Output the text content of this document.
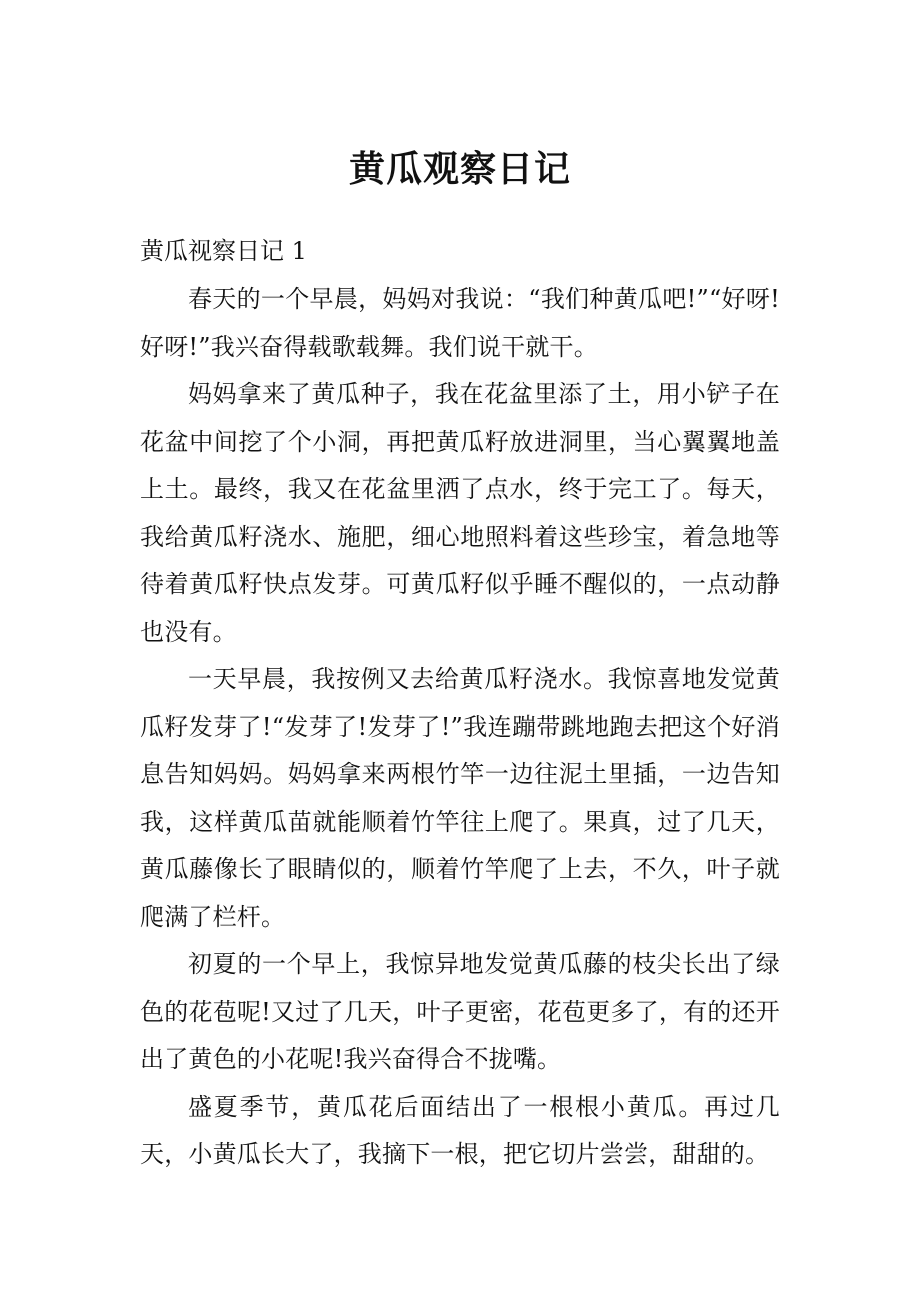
黄瓜观察日记
黄瓜视察日记 1

春天的一个早晨，妈妈对我说：“我们种黄瓜吧!”“好呀!好呀!”我兴奋得载歌载舞。我们说干就干。

妈妈拿来了黄瓜种子，我在花盆里添了土，用小铲子在花盆中间挖了个小洞，再把黄瓜籽放进洞里，当心翼翼地盖上土。最终，我又在花盆里洒了点水，终于完工了。每天，我给黄瓜籽浇水、施肥，细心地照料着这些珍宝，着急地等待着黄瓜籽快点发芽。可黄瓜籽似乎睡不醒似的，一点动静也没有。

一天早晨，我按例又去给黄瓜籽浇水。我惊喜地发觉黄瓜籽发芽了!“发芽了!发芽了!”我连蹦带跳地跑去把这个好消息告知妈妈。妈妈拿来两根竹竿一边往泥土里插，一边告知我，这样黄瓜苗就能顺着竹竿往上爬了。果真，过了几天，黄瓜藤像长了眼睛似的，顺着竹竿爬了上去，不久，叶子就爬满了栏杆。

初夏的一个早上，我惊异地发觉黄瓜藤的枝尖长出了绿色的花苞呢!又过了几天，叶子更密，花苞更多了，有的还开出了黄色的小花呢!我兴奋得合不拢嘴。

盛夏季节，黄瓜花后面结出了一根根小黄瓜。再过几天，小黄瓜长大了，我摘下一根，把它切片尝尝，甜甜的。
